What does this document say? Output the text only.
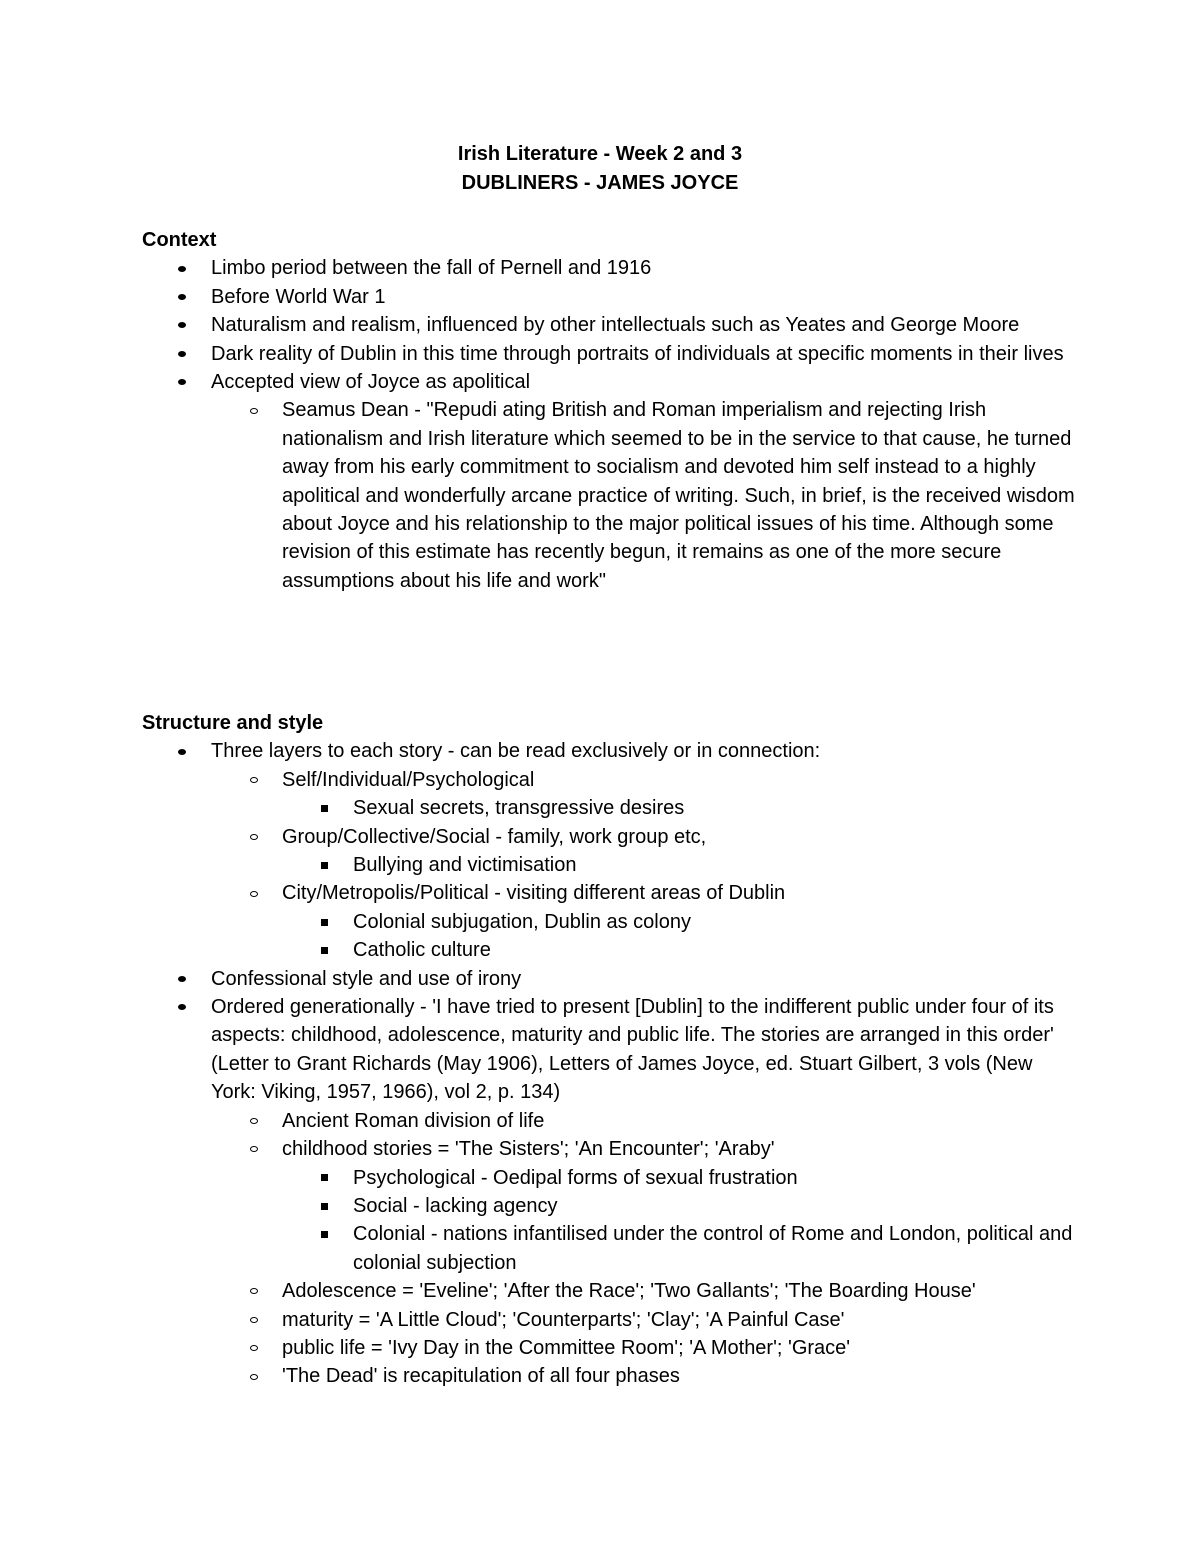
Irish Literature - Week 2 and 3
DUBLINERS - JAMES JOYCE
Context
Limbo period between the fall of Pernell and 1916
Before World War 1
Naturalism and realism, influenced by other intellectuals such as Yeates and George Moore
Dark reality of Dublin in this time through portraits of individuals at specific moments in their lives
Accepted view of Joyce as apolitical
Seamus Dean - "Repudi ating British and Roman imperialism and rejecting Irish nationalism and Irish literature which seemed to be in the service to that cause, he turned away from his early commitment to socialism and devoted him self instead to a highly apolitical and wonderfully arcane practice of writing. Such, in brief, is the received wisdom about Joyce and his relationship to the major political issues of his time. Although some revision of this estimate has recently begun, it remains as one of the more secure assumptions about his life and work"
Structure and style
Three layers to each story - can be read exclusively or in connection:
Self/Individual/Psychological
Sexual secrets, transgressive desires
Group/Collective/Social - family, work group etc,
Bullying and victimisation
City/Metropolis/Political - visiting different areas of Dublin
Colonial subjugation, Dublin as colony
Catholic culture
Confessional style and use of irony
Ordered generationally - 'I have tried to present [Dublin] to the indifferent public under four of its aspects: childhood, adolescence, maturity and public life. The stories are arranged in this order' (Letter to Grant Richards (May 1906), Letters of James Joyce, ed. Stuart Gilbert, 3 vols (New York: Viking, 1957, 1966), vol 2, p. 134)
Ancient Roman division of life
childhood stories = 'The Sisters'; 'An Encounter'; 'Araby'
Psychological - Oedipal forms of sexual frustration
Social - lacking agency
Colonial - nations infantilised under the control of Rome and London, political and colonial subjection
Adolescence = 'Eveline'; 'After the Race'; 'Two Gallants'; 'The Boarding House'
maturity = 'A Little Cloud'; 'Counterparts'; 'Clay'; 'A Painful Case'
public life = 'Ivy Day in the Committee Room'; 'A Mother'; 'Grace'
'The Dead' is recapitulation of all four phases
